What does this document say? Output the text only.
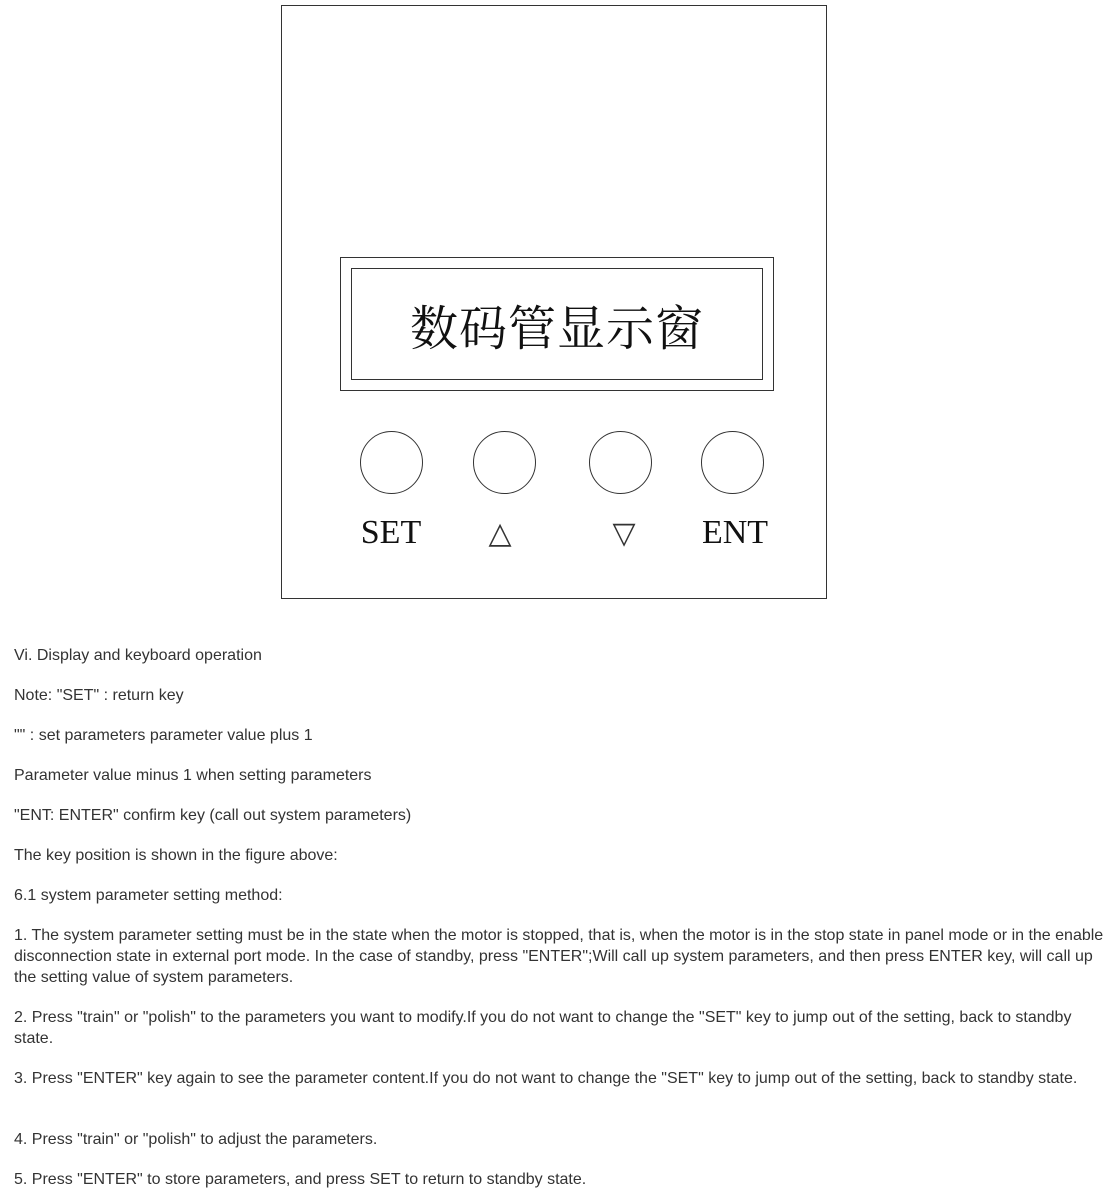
数码管显示窗
SET	△	▽	ENT

Vi. Display and keyboard operation

Note: "SET" : return key

"" : set parameters parameter value plus 1

Parameter value minus 1 when setting parameters

"ENT: ENTER" confirm key (call out system parameters)

The key position is shown in the figure above:

6.1 system parameter setting method:

1. The system parameter setting must be in the state when the motor is stopped, that is, when the motor is in the stop state in panel mode or in the enable disconnection state in external port mode. In the case of standby, press "ENTER";Will call up system parameters, and then press ENTER key, will call up the setting value of system parameters.

2. Press "train" or "polish" to the parameters you want to modify.If you do not want to change the "SET" key to jump out of the setting, back to standby state.

3. Press "ENTER" key again to see the parameter content.If you do not want to change the "SET" key to jump out of the setting, back to standby state.

4. Press "train" or "polish" to adjust the parameters.

5. Press "ENTER" to store parameters, and press SET to return to standby state.
